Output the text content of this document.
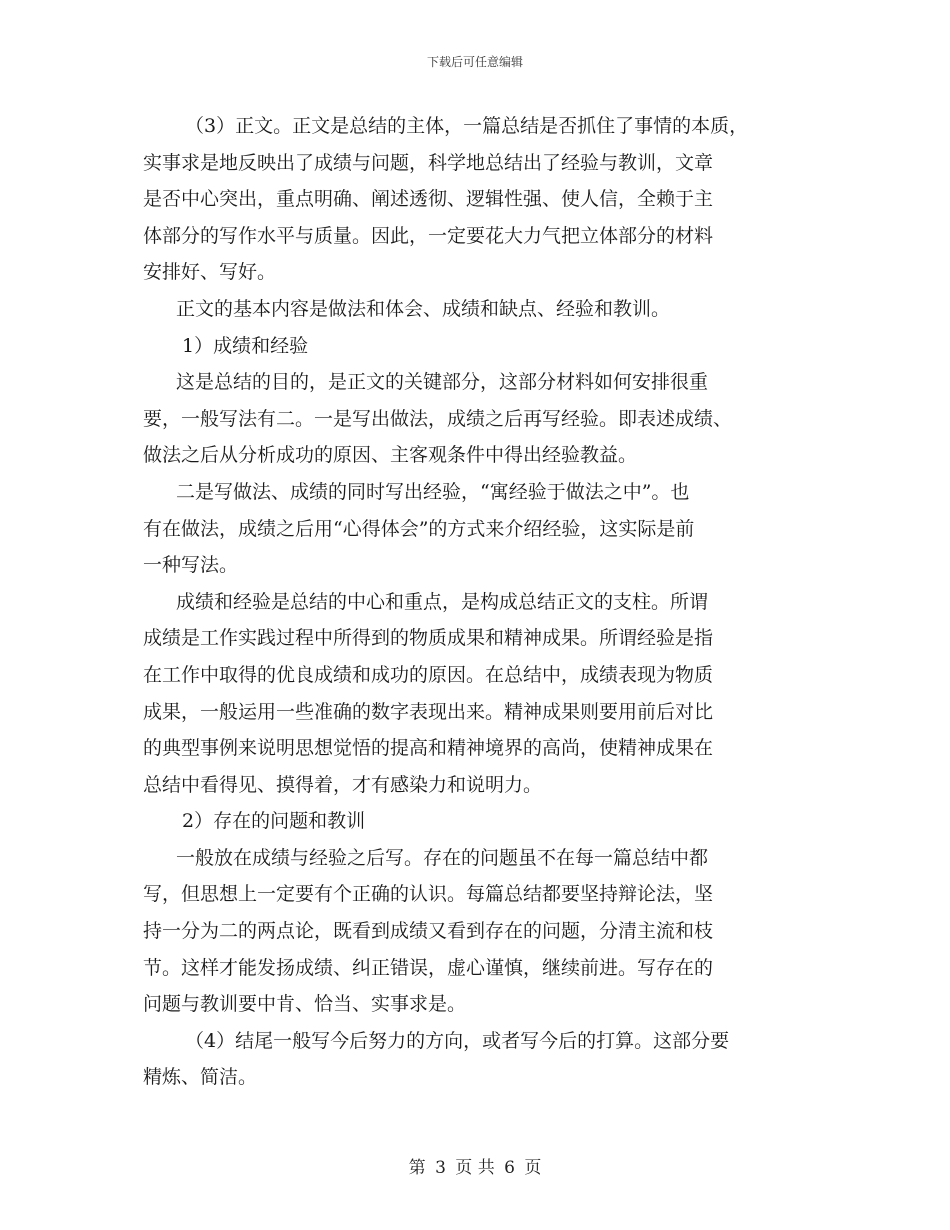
下载后可任意编辑
（3）正文。正文是总结的主体，一篇总结是否抓住了事情的本质，
实事求是地反映出了成绩与问题，科学地总结出了经验与教训，文章
是否中心突出，重点明确、阐述透彻、逻辑性强、使人信，全赖于主
体部分的写作水平与质量。因此，一定要花大力气把立体部分的材料
安排好、写好。
正文的基本内容是做法和体会、成绩和缺点、经验和教训。
1）成绩和经验
这是总结的目的，是正文的关键部分，这部分材料如何安排很重
要，一般写法有二。一是写出做法，成绩之后再写经验。即表述成绩、
做法之后从分析成功的原因、主客观条件中得出经验教益。
二是写做法、成绩的同时写出经验，“寓经验于做法之中”。也
有在做法，成绩之后用“心得体会”的方式来介绍经验，这实际是前
一种写法。
成绩和经验是总结的中心和重点，是构成总结正文的支柱。所谓
成绩是工作实践过程中所得到的物质成果和精神成果。所谓经验是指
在工作中取得的优良成绩和成功的原因。在总结中，成绩表现为物质
成果，一般运用一些准确的数字表现出来。精神成果则要用前后对比
的典型事例来说明思想觉悟的提高和精神境界的高尚，使精神成果在
总结中看得见、摸得着，才有感染力和说明力。
2）存在的问题和教训
一般放在成绩与经验之后写。存在的问题虽不在每一篇总结中都
写，但思想上一定要有个正确的认识。每篇总结都要坚持辩论法，坚
持一分为二的两点论，既看到成绩又看到存在的问题，分清主流和枝
节。这样才能发扬成绩、纠正错误，虚心谨慎，继续前进。写存在的
问题与教训要中肯、恰当、实事求是。
（4）结尾一般写今后努力的方向，或者写今后的打算。这部分要
精炼、简洁。
第 3 页 共 6 页
